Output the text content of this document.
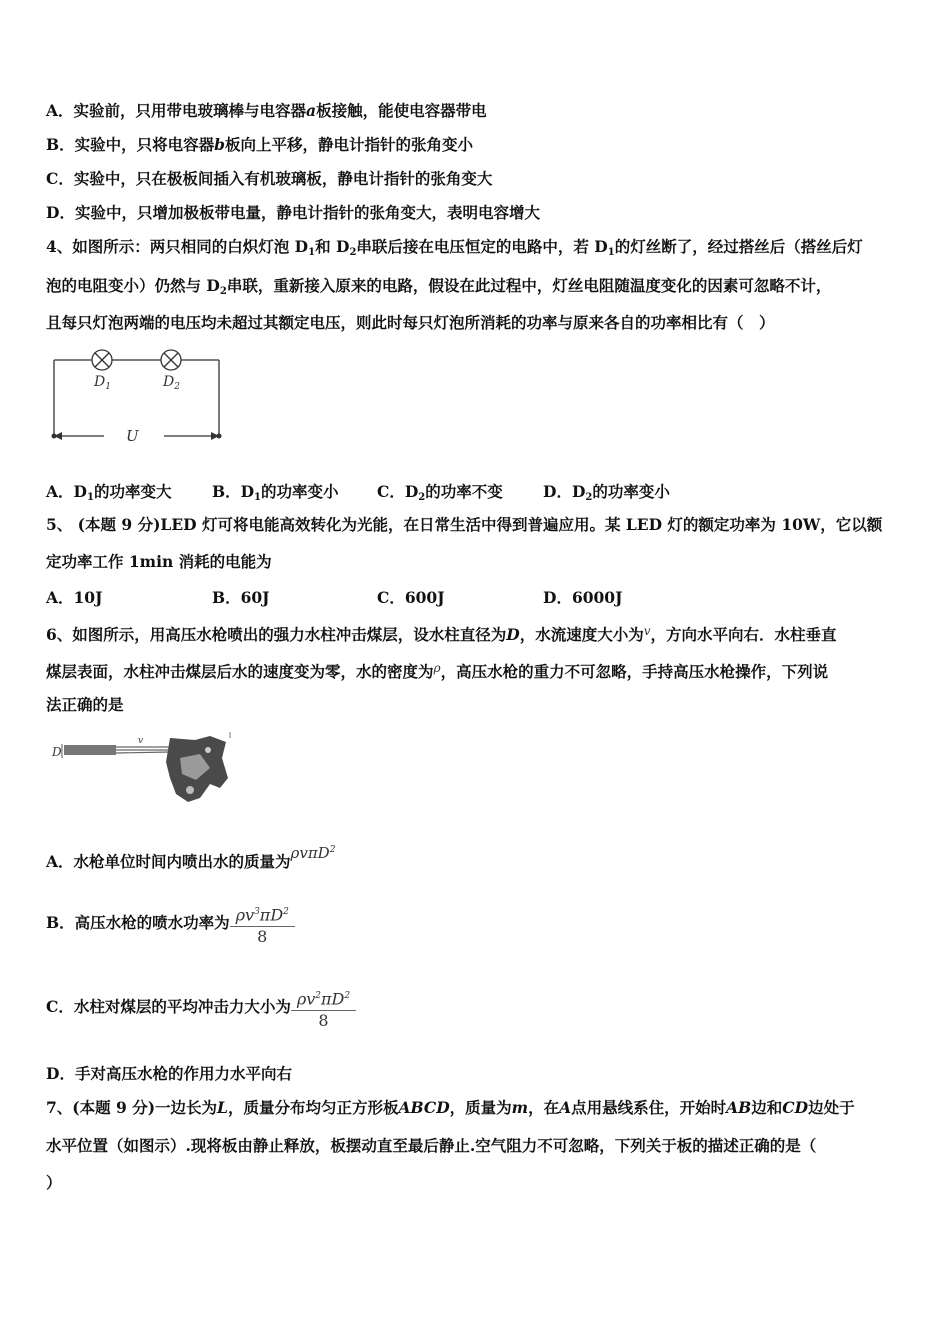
A．实验前，只用带电玻璃棒与电容器a板接触，能使电容器带电
B．实验中，只将电容器b板向上平移，静电计指针的张角变小
C．实验中，只在极板间插入有机玻璃板，静电计指针的张角变大
D．实验中，只增加极板带电量，静电计指针的张角变大，表明电容增大
4、如图所示：两只相同的白炽灯泡 $D_1$和 $D_2$串联后接在电压恒定的电路中，若 $D_1$的灯丝断了，经过搭丝后（搭丝后灯
泡的电阻变小）仍然与 $D_2$串联，重新接入原来的电路，假设在此过程中，灯丝电阻随温度变化的因素可忽略不计，
且每只灯泡两端的电压均未超过其额定电压，则此时每只灯泡所消耗的功率与原来各自的功率相比有（　）
$D_1$	$D_2$
U
A．$D_1$的功率变大	B．$D_1$的功率变小 C．$D_2$的功率不变	D．$D_2$的功率变小
5、 (本题 9 分)LED 灯可将电能高效转化为光能，在日常生活中得到普遍应用。某 LED 灯的额定功率为 10W，它以额
定功率工作 1min 消耗的电能为
A．10J	B．60J	C．600J	D．6000J
6、如图所示，用高压水枪喷出的强力水柱冲击煤层，设水柱直径为D，水流速度大小为$^v$，方向水平向右．水柱垂直
煤层表面，水柱冲击煤层后水的速度变为零，水的密度为$^\rho$，高压水枪的重力不可忽略，手持高压水枪操作，下列说
法正确的是
D
v
A．水枪单位时间内喷出水的质量为ρvπD$^2$
B．高压水枪的喷水功率为 $\frac{\rho v^3\pi D^2}{8}$
C．水柱对煤层的平均冲击力大小为 $\frac{\rho v^2\pi D^2}{8}$
D．手对高压水枪的作用力水平向右
7、(本题 9 分)一边长为L，质量分布均匀正方形板ABCD，质量为m，在A点用悬线系住，开始时AB边和CD边处于
水平位置（如图示）.现将板由静止释放，板摆动直至最后静止.空气阻力不可忽略，下列关于板的描述正确的是（
）
